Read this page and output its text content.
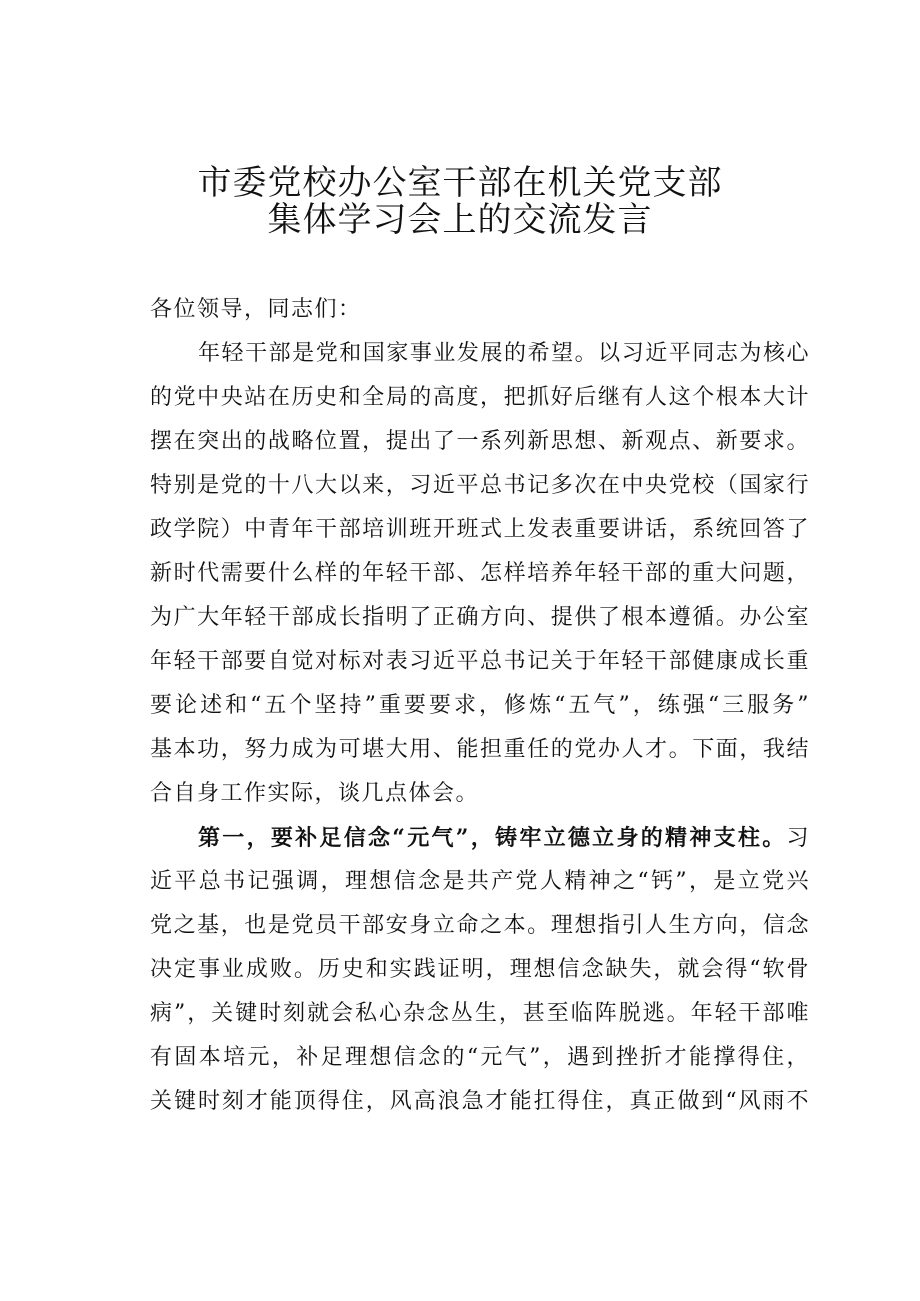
市委党校办公室干部在机关党支部
集体学习会上的交流发言
各位领导，同志们：
年轻干部是党和国家事业发展的希望。以习近平同志为核心
的党中央站在历史和全局的高度，把抓好后继有人这个根本大计
摆在突出的战略位置，提出了一系列新思想、新观点、新要求。
特别是党的十八大以来，习近平总书记多次在中央党校（国家行
政学院）中青年干部培训班开班式上发表重要讲话，系统回答了
新时代需要什么样的年轻干部、怎样培养年轻干部的重大问题，
为广大年轻干部成长指明了正确方向、提供了根本遵循。办公室
年轻干部要自觉对标对表习近平总书记关于年轻干部健康成长重
要论述和“五个坚持”重要要求，修炼“五气”，练强“三服务”
基本功，努力成为可堪大用、能担重任的党办人才。下面，我结
合自身工作实际，谈几点体会。
第一，要补足信念“元气”，铸牢立德立身的精神支柱。习
近平总书记强调，理想信念是共产党人精神之“钙”，是立党兴
党之基，也是党员干部安身立命之本。理想指引人生方向，信念
决定事业成败。历史和实践证明，理想信念缺失，就会得“软骨
病”，关键时刻就会私心杂念丛生，甚至临阵脱逃。年轻干部唯
有固本培元，补足理想信念的“元气”，遇到挫折才能撑得住，
关键时刻才能顶得住，风高浪急才能扛得住，真正做到“风雨不
